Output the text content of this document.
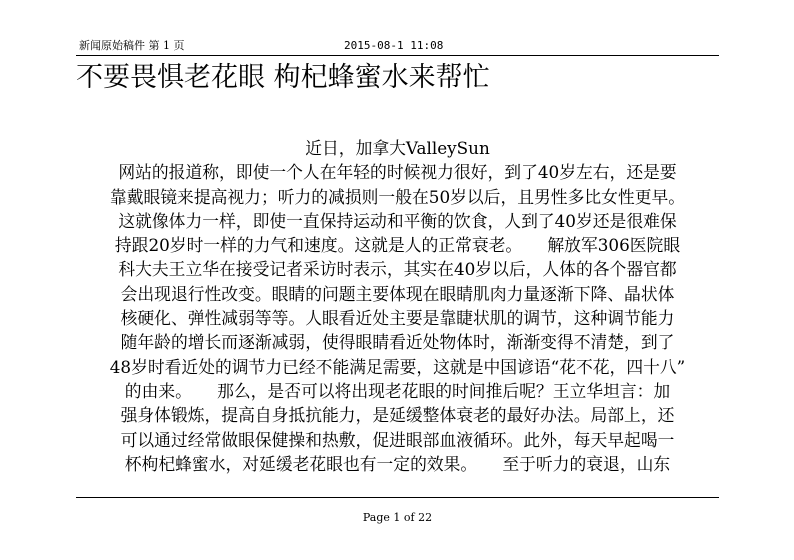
新闻原始稿件 第 1 页	2015-08-1 11:08
不要畏惧老花眼 枸杞蜂蜜水来帮忙
近日，加拿大ValleySun
网站的报道称，即使一个人在年轻的时候视力很好，到了40岁左右，还是要
靠戴眼镜来提高视力；听力的减损则一般在50岁以后，且男性多比女性更早。
这就像体力一样，即使一直保持运动和平衡的饮食，人到了40岁还是很难保
持跟20岁时一样的力气和速度。这就是人的正常衰老。　　解放军306医院眼
科大夫王立华在接受记者采访时表示，其实在40岁以后，人体的各个器官都
会出现退行性改变。眼睛的问题主要体现在眼睛肌肉力量逐渐下降、晶状体
核硬化、弹性减弱等等。人眼看近处主要是靠睫状肌的调节，这种调节能力
随年龄的增长而逐渐减弱，使得眼睛看近处物体时，渐渐变得不清楚，到了
48岁时看近处的调节力已经不能满足需要，这就是中国谚语“花不花，四十八”
的由来。　　那么，是否可以将出现老花眼的时间推后呢？王立华坦言：加
强身体锻炼，提高自身抵抗能力，是延缓整体衰老的最好办法。局部上，还
可以通过经常做眼保健操和热敷，促进眼部血液循环。此外，每天早起喝一
杯枸杞蜂蜜水，对延缓老花眼也有一定的效果。　　至于听力的衰退，山东
Page 1 of 22
